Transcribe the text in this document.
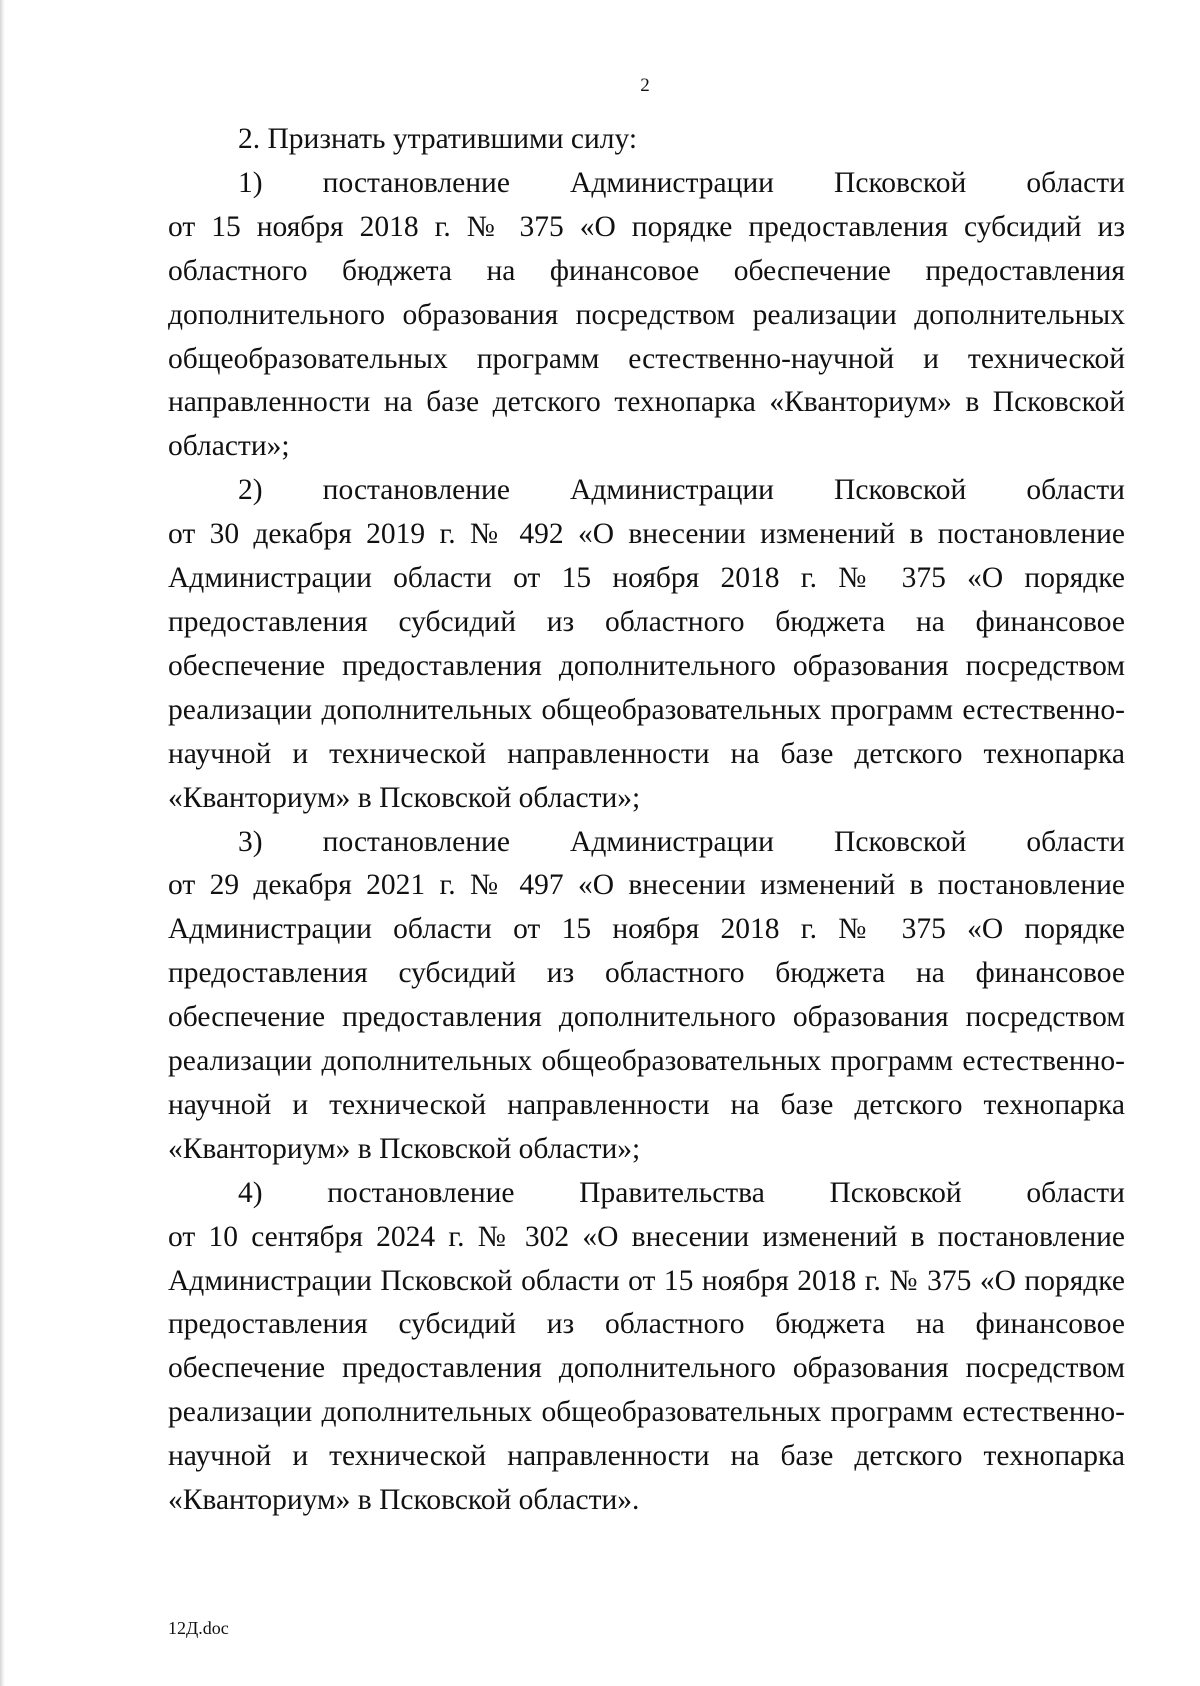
2

2. Признать утратившими силу:

1) постановление Администрации Псковской области

от 15 ноября 2018 г. № 375 «О порядке предоставления субсидий из областного бюджета на финансовое обеспечение предоставления дополнительного образования посредством реализации дополнительных общеобразовательных программ естественно-научной и технической направленности на базе детского технопарка «Кванториум» в Псковской области»;

2) постановление Администрации Псковской области

от 30 декабря 2019 г. № 492 «О внесении изменений в постановление Администрации области от 15 ноября 2018 г. № 375 «О порядке предоставления субсидий из областного бюджета на финансовое обеспечение предоставления дополнительного образования посредством реализации дополнительных общеобразовательных программ естественно-научной и технической направленности на базе детского технопарка «Кванториум» в Псковской области»;

3) постановление Администрации Псковской области

от 29 декабря 2021 г. № 497 «О внесении изменений в постановление Администрации области от 15 ноября 2018 г. № 375 «О порядке предоставления субсидий из областного бюджета на финансовое обеспечение предоставления дополнительного образования посредством реализации дополнительных общеобразовательных программ естественно-научной и технической направленности на базе детского технопарка «Кванториум» в Псковской области»;

4) постановление Правительства Псковской области

от 10 сентября 2024 г. № 302 «О внесении изменений в постановление Администрации Псковской области от 15 ноября 2018 г. № 375 «О порядке предоставления субсидий из областного бюджета на финансовое обеспечение предоставления дополнительного образования посредством реализации дополнительных общеобразовательных программ естественно-научной и технической направленности на базе детского технопарка «Кванториум» в Псковской области».

12Д.doc
